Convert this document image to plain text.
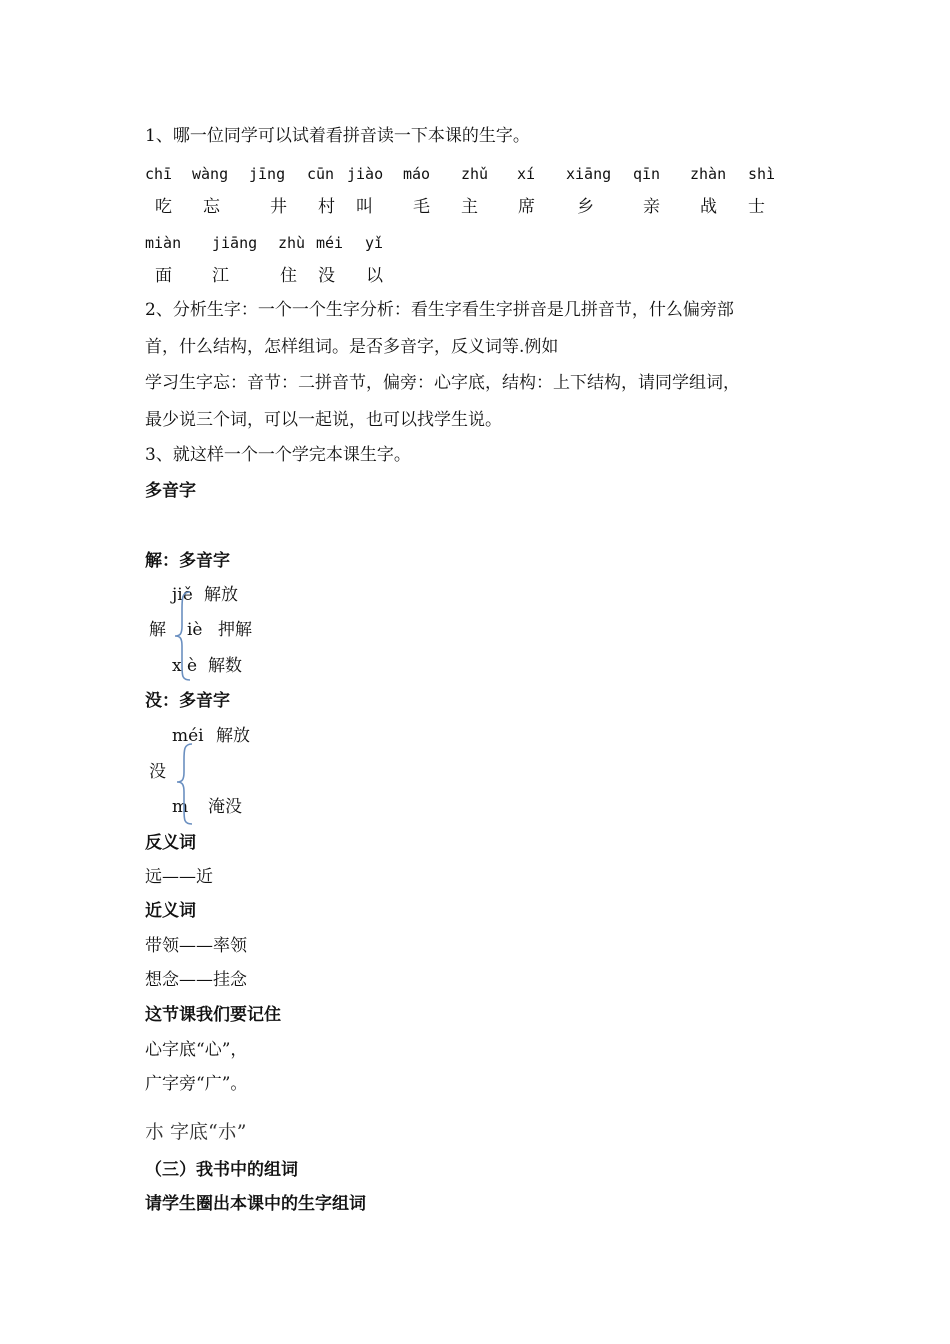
1、哪一位同学可以试着看拼音读一下本课的生字。
chī wàng jīng cūn jiào máo zhǔ xí xiāng qīn zhàn shì
吃 忘	井 村 叫 毛 主 席 乡	亲 战 士
miàn jiāng zhù méi yǐ
面 江	住 没 以
2、分析生字：一个一个生字分析：看生字看生字拼音是几拼音节，什么偏旁部
首，什么结构，怎样组词。是否多音字，反义词等.例如
学习生字忘：音节：二拼音节，偏旁：心字底，结构：上下结构，请同学组词，
最少说三个词，可以一起说，也可以找学生说。
3、就这样一个一个学完本课生字。
多音字
解：多音字
jiě 解放
解 iè 押解
x è 解数
没：多音字
méi 解放
没
m 淹没
反义词
远——近
近义词
带领——率领
想念——挂念
这节课我们要记住
心字底“心”，
广字旁“广”。
朩 字底“朩”
（三）我书中的组词
请学生圈出本课中的生字组词
